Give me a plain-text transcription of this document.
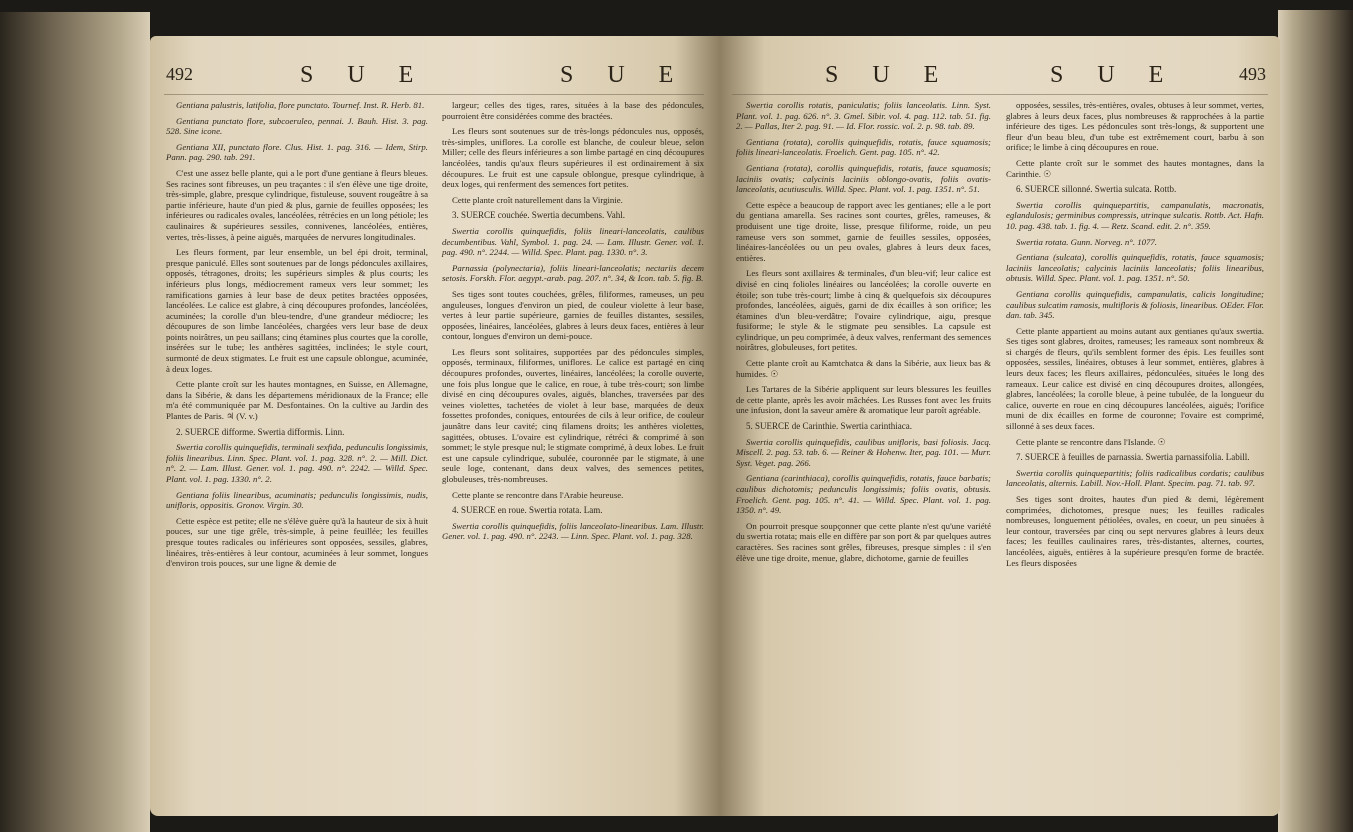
492	S U E	S U E

Gentiana palustris, latifolia, flore punctato. Tournef. Inst. R. Herb. 81.

Gentiana punctato flore, subcoeruleo, pennai. J. Bauh. Hist. 3. pag. 528. Sine icone.

Gentiana XII, punctato flore. Clus. Hist. 1. pag. 316. — Idem, Stirp. Pann. pag. 290. tab. 291.

C'est une assez belle plante, qui a le port d'une gentiane à fleurs bleues. Ses racines sont fibreuses, un peu traçantes : il s'en élève une tige droite, très-simple, glabre, presque cylindrique, fistuleuse, souvent rougeâtre à sa partie inférieure, haute d'un pied & plus, garnie de feuilles opposées; les inférieures ou radicales ovales, lancéolées, rétrécies en un long pétiole; les caulinaires & supérieures sessiles, connivenes, lancéolées, entières, vertes, très-lisses, à peine aiguës, marquées de nervures longitudinales.

Les fleurs forment, par leur ensemble, un bel épi droit, terminal, presque paniculé. Elles sont soutenues par de longs pédoncules axillaires, opposés, tétragones, droits; les supérieurs simples & plus courts; les inférieurs plus longs, médiocrement rameux vers leur sommet; les ramifications garnies à leur base de deux petites bractées opposées, lancéolées. Le calice est glabre, à cinq découpures profondes, lancéolées, acuminées; la corolle d'un bleu-tendre, d'une grandeur médiocre; les découpures de son limbe lancéolées, chargées vers leur base de deux points noirâtres, un peu saillans; cinq étamines plus courtes que la corolle, insérées sur le tube; les anthères sagittées, inclinées; le style court, surmonté de deux stigmates. Le fruit est une capsule oblongue, acuminée, à deux loges.

Cette plante croît sur les hautes montagnes, en Suisse, en Allemagne, dans la Sibérie, & dans les départemens méridionaux de la France; elle m'a été communiquée par M. Desfontaines. On la cultive au Jardin des Plantes de Paris. ♃ (V. v.)

2. SUERCE difforme. Swertia difformis. Linn.

Swertia corollis quinquefidis, terminali sexfida, pedunculis longissimis, foliis linearibus. Linn. Spec. Plant. vol. 1. pag. 328. n°. 2. — Mill. Dict. n°. 2. — Lam. Illust. Gener. vol. 1. pag. 490. n°. 2242. — Willd. Spec. Plant. vol. 1. pag. 1330. n°. 2.

Gentiana foliis linearibus, acuminatis; pedunculis longissimis, nudis, unifloris, oppositis. Gronov. Virgin. 30.

Cette espèce est petite; elle ne s'élève guère qu'à la hauteur de six à huit pouces, sur une tige grêle, très-simple, à peine feuillée; les feuilles presque toutes radicales ou inférieures sont opposées, sessiles, glabres, linéaires, très-entières à leur contour, acuminées à leur sommet, longues d'environ trois pouces, sur une ligne & demie de

largeur; celles des tiges, rares, situées à la base des pédoncules, pourroient être considérées comme des bractées.

Les fleurs sont soutenues sur de très-longs pédoncules nus, opposés, très-simples, uniflores. La corolle est blanche, de couleur bleue, selon Miller; celle des fleurs inférieures a son limbe partagé en cinq découpures lancéolées, tandis qu'aux fleurs supérieures il est ordinairement à six découpures. Le fruit est une capsule oblongue, presque cylindrique, à deux loges, qui renferment des semences fort petites.

Cette plante croît naturellement dans la Virginie.

3. SUERCE couchée. Swertia decumbens. Vahl.

Swertia corollis quinquefidis, foliis lineari-lanceolatis, caulibus decumbentibus. Vahl, Symbol. 1. pag. 24. — Lam. Illustr. Gener. vol. 1. pag. 490. n°. 2244. — Willd. Spec. Plant. pag. 1330. n°. 3.

Parnassia (polynectaria), foliis lineari-lanceolatis; nectariis decem setosis. Forskh. Flor. aegypt.-arab. pag. 207. n°. 34, & Icon. tab. 5. fig. B.

Ses tiges sont toutes couchées, grêles, filiformes, rameuses, un peu anguleuses, longues d'environ un pied, de couleur violette à leur base, vertes à leur partie supérieure, garnies de feuilles distantes, sessiles, opposées, linéaires, lancéolées, glabres à leurs deux faces, entières à leur contour, longues d'environ un demi-pouce.

Les fleurs sont solitaires, supportées par des pédoncules simples, opposés, terminaux, filiformes, uniflores. Le calice est partagé en cinq découpures profondes, ouvertes, linéaires, lancéolées; la corolle ouverte, une fois plus longue que le calice, en roue, à tube très-court; son limbe divisé en cinq découpures ovales, aiguës, blanches, traversées par des veines violettes, tachetées de violet à leur base, marquées de deux fossettes profondes, coniques, entourées de cils à leur orifice, de couleur jaunâtre dans leur cavité; cinq filamens droits; les anthères violettes, sagittées, obtuses. L'ovaire est cylindrique, rétréci & comprimé à son sommet; le style presque nul; le stigmate comprimé, à deux lobes. Le fruit est une capsule cylindrique, subulée, couronnée par le stigmate, à une seule loge, contenant, dans deux valves, des semences petites, globuleuses, très-nombreuses.

Cette plante se rencontre dans l'Arabie heureuse.

4. SUERCE en roue. Swertia rotata. Lam.

Swertia corollis quinquefidis, foliis lanceolato-linearibus. Lam. Illustr. Gener. vol. 1. pag. 490. n°. 2243. — Linn. Spec. Plant. vol. 1. pag. 328.

S U E	S U E	493

Swertia corollis rotatis, paniculatis; foliis lanceolatis. Linn. Syst. Plant. vol. 1. pag. 626. n°. 3. Gmel. Sibir. vol. 4. pag. 112. tab. 51. fig. 2. — Pallas, Iter 2. pag. 91. — Id. Flor. rossic. vol. 2. p. 98. tab. 89.

Gentiana (rotata), corollis quinquefidis, rotatis, fauce squamosis; foliis lineari-lanceolatis. Froelich. Gent. pag. 105. n°. 42.

Gentiana (rotata), corollis quinquefidis, rotatis, fauce squamosis; laciniis ovatis; calycinis laciniis oblongo-ovatis, foliis ovatis-lanceolatis, acutiusculis. Willd. Spec. Plant. vol. 1. pag. 1351. n°. 51.

Cette espèce a beaucoup de rapport avec les gentianes; elle a le port du gentiana amarella. Ses racines sont courtes, grêles, rameuses, & produisent une tige droite, lisse, presque filiforme, roide, un peu rameuse vers son sommet, garnie de feuilles sessiles, opposées, linéaires-lancéolées ou un peu ovales, glabres à leurs deux faces, entières.

Les fleurs sont axillaires & terminales, d'un bleu-vif; leur calice est divisé en cinq folioles linéaires ou lancéolées; la corolle ouverte en étoile; son tube très-court; limbe à cinq & quelquefois six découpures profondes, lancéolées, aiguës, garni de dix écailles à son orifice; les étamines d'un bleu-verdâtre; l'ovaire cylindrique, aigu, presque fusiforme; le style & le stigmate peu sensibles. La capsule est cylindrique, un peu comprimée, à deux valves, renfermant des semences noirâtres, globuleuses, fort petites.

Cette plante croît au Kamtchatca & dans la Sibérie, aux lieux bas & humides. ☉

Les Tartares de la Sibérie appliquent sur leurs blessures les feuilles de cette plante, après les avoir mâchées. Les Russes font avec les fruits une infusion, dont la saveur amère & aromatique leur paroît agréable.

5. SUERCE de Carinthie. Swertia carinthiaca.

Swertia corollis quinquefidis, caulibus unifloris, basi foliosis. Jacq. Miscell. 2. pag. 53. tab. 6. — Reiner & Hohenw. Iter, pag. 101. — Murr. Syst. Veget. pag. 266.

Gentiana (carinthiaca), corollis quinquefidis, rotatis, fauce barbatis; caulibus dichotomis; pedunculis longissimis; foliis ovatis, obtusis. Froelich. Gent. pag. 105. n°. 41. — Willd. Spec. Plant. vol. 1. pag. 1350. n°. 49.

On pourroit presque soupçonner que cette plante n'est qu'une variété du swertia rotata; mais elle en diffère par son port & par quelques autres caractères. Ses racines sont grêles, fibreuses, presque simples : il s'en élève une tige droite, menue, glabre, dichotome, garnie de feuilles

opposées, sessiles, très-entières, ovales, obtuses à leur sommet, vertes, glabres à leurs deux faces, plus nombreuses & rapprochées à la partie inférieure des tiges. Les pédoncules sont très-longs, & supportent une fleur d'un beau bleu, d'un tube est extrêmement court, barbu à son orifice; le limbe à cinq découpures en roue.

Cette plante croît sur le sommet des hautes montagnes, dans la Carinthie. ☉

6. SUERCE sillonné. Swertia sulcata. Rottb.

Swertia corollis quinquepartitis, campanulatis, macronatis, eglandulosis; germinibus compressis, utrinque sulcatis. Rottb. Act. Hafn. 10. pag. 438. tab. 1. fig. 4. — Retz. Scand. edit. 2. n°. 359.

Swertia rotata. Gunn. Norveg. n°. 1077.

Gentiana (sulcata), corollis quinquefidis, rotatis, fauce squamosis; laciniis lanceolatis; calycinis laciniis lanceolatis; foliis linearibus, obtusis. Willd. Spec. Plant. vol. 1. pag. 1351. n°. 50.

Gentiana corollis quinquefidis, campanulatis, calicis longitudine; caulibus sulcatim ramosis, multifloris & foliosis, linearibus. OEder. Flor. dan. tab. 345.

Cette plante appartient au moins autant aux gentianes qu'aux swertia. Ses tiges sont glabres, droites, rameuses; les rameaux sont nombreux & si chargés de fleurs, qu'ils semblent former des épis. Les feuilles sont opposées, sessiles, linéaires, obtuses à leur sommet, entières, glabres à leurs deux faces; les fleurs axillaires, pédonculées, situées le long des rameaux. Leur calice est divisé en cinq découpures droites, allongées, glabres, lancéolées; la corolle bleue, à peine tubulée, de la longueur du calice, ouverte en roue en cinq découpures lancéolées, aiguës; l'orifice muni de dix écailles en forme de couronne; l'ovaire est comprimé, sillonné à ses deux faces.

Cette plante se rencontre dans l'Islande. ☉

7. SUERCE à feuilles de parnassia. Swertia parnassifolia. Labill.

Swertia corollis quinquepartitis; foliis radicalibus cordatis; caulibus lanceolatis, alternis. Labill. Nov.-Holl. Plant. Specim. pag. 71. tab. 97.

Ses tiges sont droites, hautes d'un pied & demi, légèrement comprimées, dichotomes, presque nues; les feuilles radicales nombreuses, longuement pétiolées, ovales, en coeur, un peu sinuées à leur contour, traversées par cinq ou sept nervures glabres à leurs deux faces; les feuilles caulinaires rares, très-distantes, alternes, courtes, lancéolées, aiguës, entières à la supérieure presqu'en forme de bractée. Les fleurs disposées
